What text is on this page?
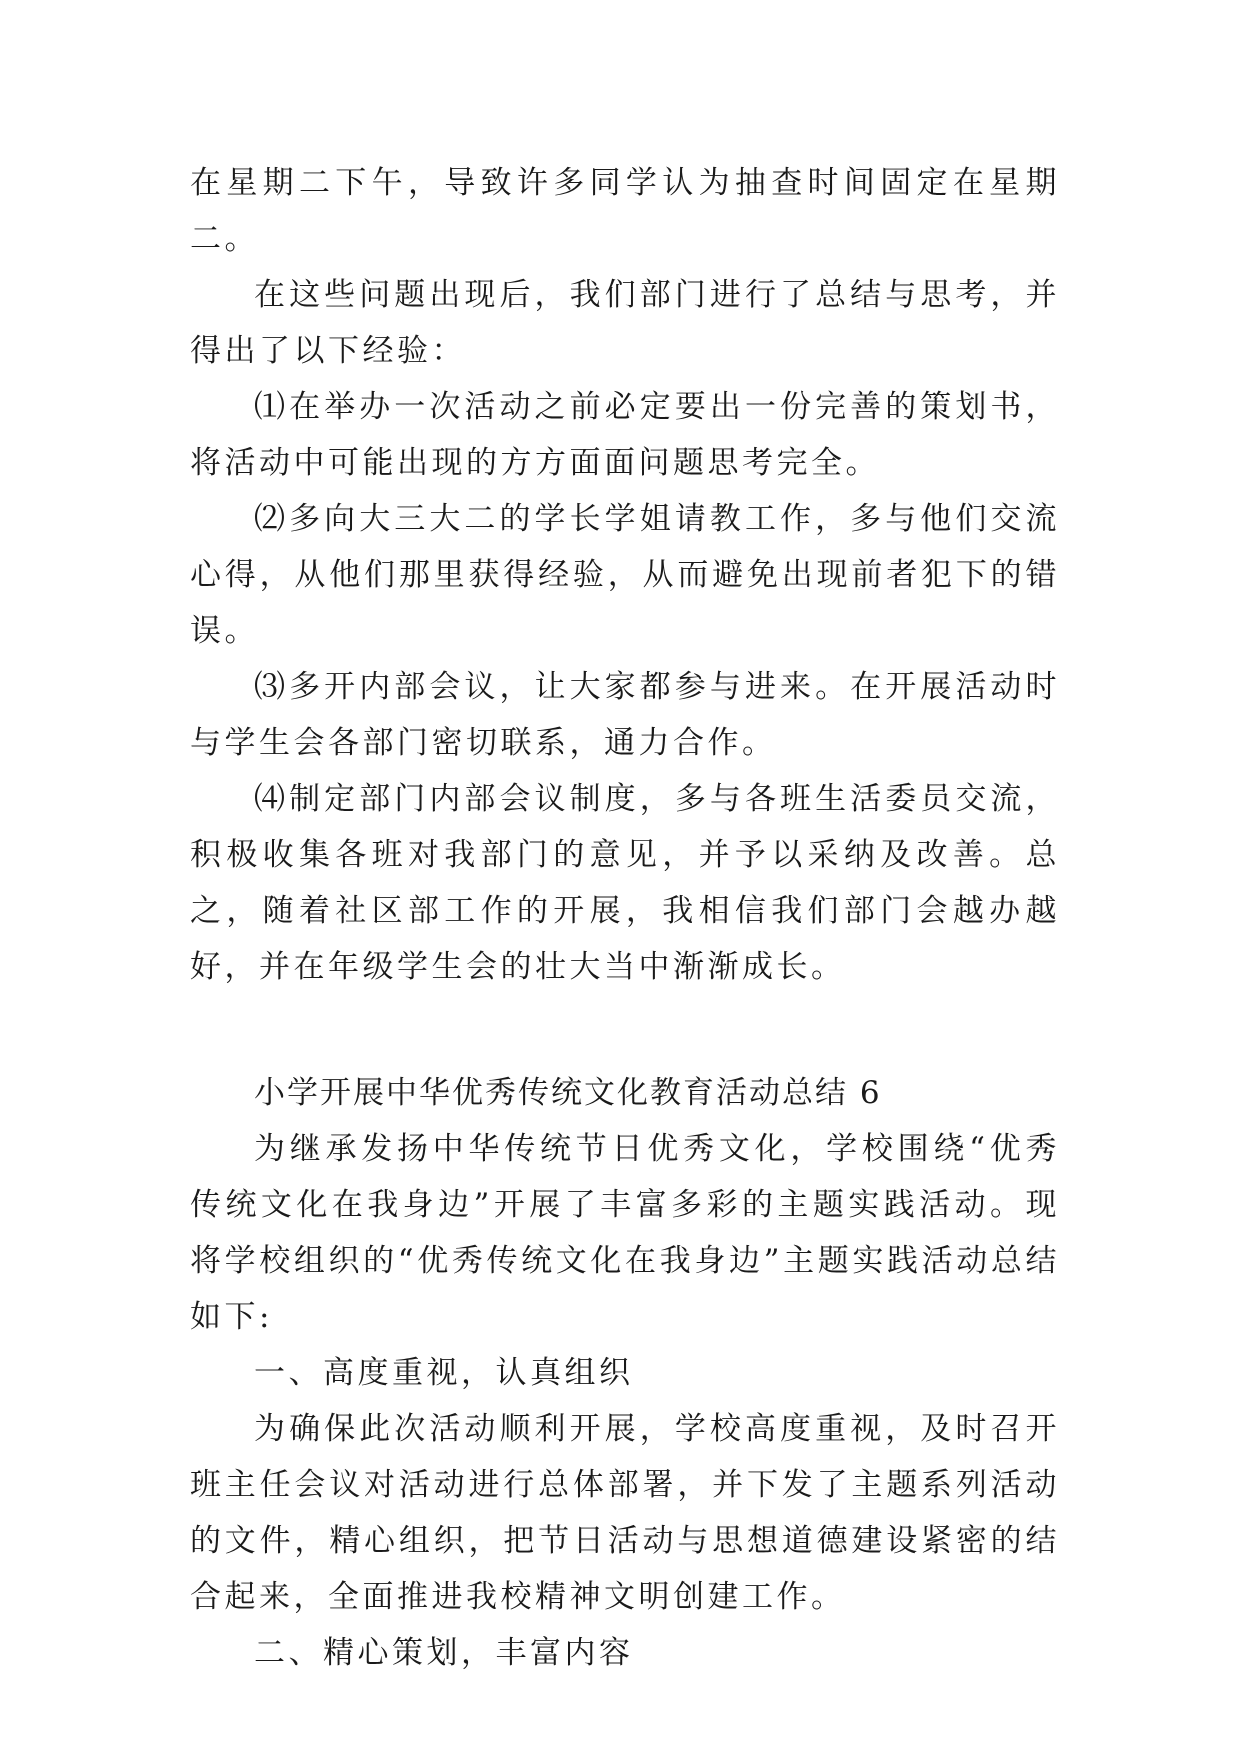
在星期二下午，导致许多同学认为抽查时间固定在星期二。

在这些问题出现后，我们部门进行了总结与思考，并得出了以下经验：

⑴在举办一次活动之前必定要出一份完善的策划书，将活动中可能出现的方方面面问题思考完全。

⑵多向大三大二的学长学姐请教工作，多与他们交流心得，从他们那里获得经验，从而避免出现前者犯下的错误。

⑶多开内部会议，让大家都参与进来。在开展活动时与学生会各部门密切联系，通力合作。

⑷制定部门内部会议制度，多与各班生活委员交流，积极收集各班对我部门的意见，并予以采纳及改善。总之，随着社区部工作的开展，我相信我们部门会越办越好，并在年级学生会的壮大当中渐渐成长。

小学开展中华优秀传统文化教育活动总结 6

为继承发扬中华传统节日优秀文化，学校围绕“优秀传统文化在我身边”开展了丰富多彩的主题实践活动。现将学校组织的“优秀传统文化在我身边”主题实践活动总结如下:

一、高度重视，认真组织

为确保此次活动顺利开展，学校高度重视，及时召开班主任会议对活动进行总体部署，并下发了主题系列活动的文件，精心组织，把节日活动与思想道德建设紧密的结合起来，全面推进我校精神文明创建工作。

二、精心策划，丰富内容
